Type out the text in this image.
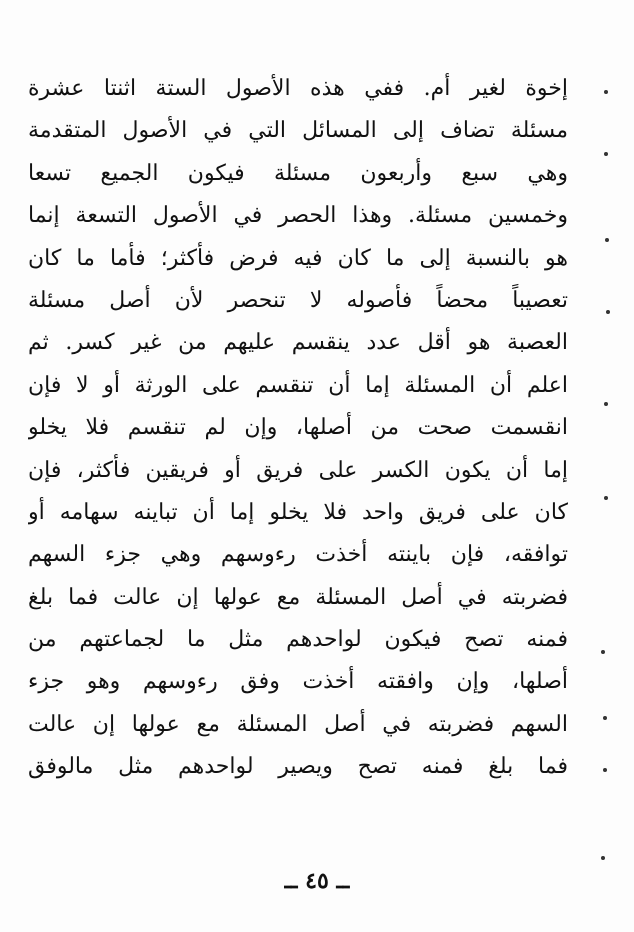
إخوة لغير أم. ففي هذه الأصول الستة اثنتا عشرة
مسئلة تضاف إلى المسائل التي في الأصول المتقدمة
وهي سبع وأربعون مسئلة فيكون الجميع تسعا
وخمسين مسئلة. وهذا الحصر في الأصول التسعة إنما
هو بالنسبة إلى ما كان فيه فرض فأكثر؛ فأما ما كان
تعصيباً محضاً فأصوله لا تنحصر لأن أصل مسئلة
العصبة هو أقل عدد ينقسم عليهم من غير كسر. ثم
اعلم أن المسئلة إما أن تنقسم على الورثة أو لا فإن
انقسمت صحت من أصلها، وإن لم تنقسم فلا يخلو
إما أن يكون الكسر على فريق أو فريقين فأكثر، فإن
كان على فريق واحد فلا يخلو إما أن تباينه سهامه أو
توافقه، فإن باينته أخذت رءوسهم وهي جزء السهم
فضربته في أصل المسئلة مع عولها إن عالت فما بلغ
فمنه تصح فيكون لواحدهم مثل ما لجماعتهم من
أصلها، وإن وافقته أخذت وفق رءوسهم وهو جزء
السهم فضربته في أصل المسئلة مع عولها إن عالت
فما بلغ فمنه تصح ويصير لواحدهم مثل مالوفق
ــ ٤٥ ــ
